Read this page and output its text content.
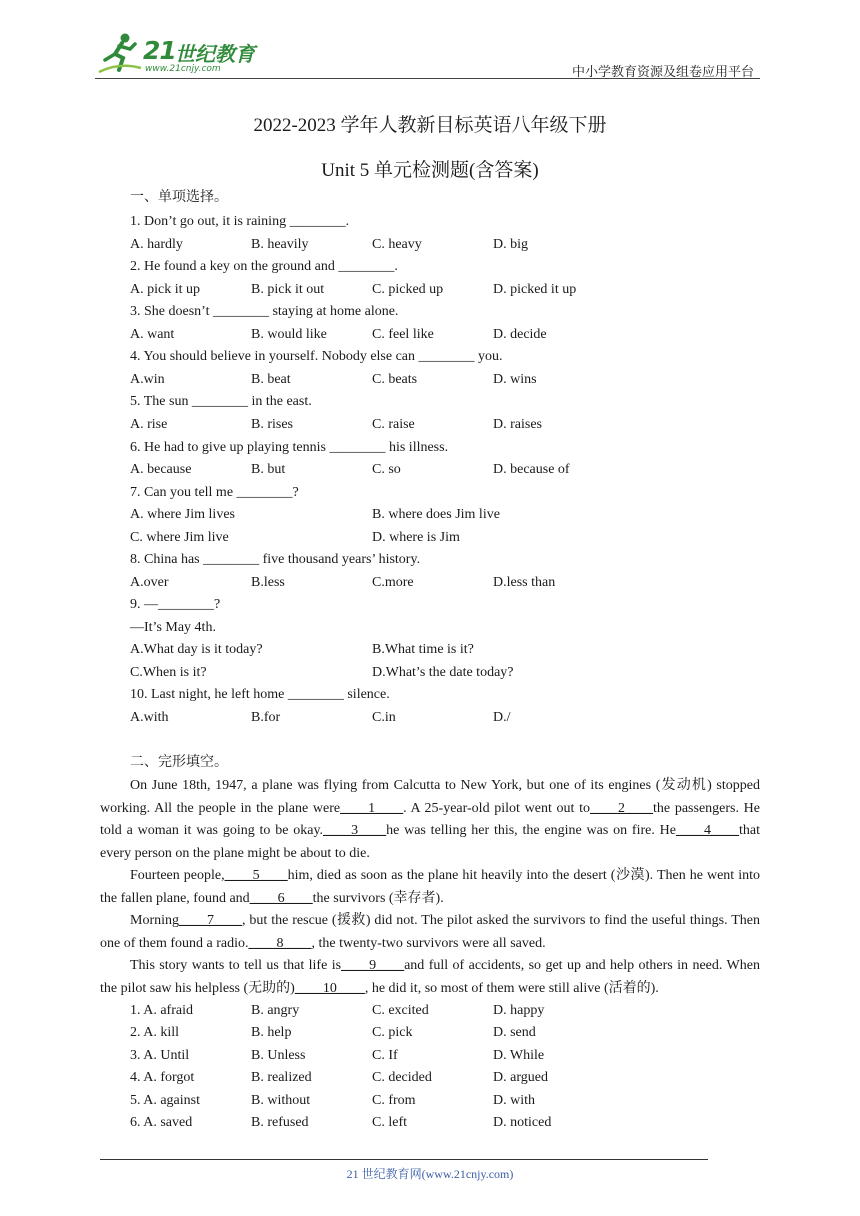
21 世纪教育
www.21cnjy.com	中小学教育资源及组卷应用平台
2022-2023 学年人教新目标英语八年级下册
Unit 5 单元检测题(含答案)
一、单项选择。
1. Don’t go out, it is raining ________.
A. hardly	B. heavily	C. heavy	D. big
2. He found a key on the ground and ________.
A. pick it up	B. pick it out	C. picked up	D. picked it up
3. She doesn’t ________ staying at home alone.
A. want	B. would like	C. feel like	D. decide
4. You should believe in yourself. Nobody else can ________ you.
A.win	B. beat	C. beats	D. wins
5. The sun ________ in the east.
A. rise	B. rises	C. raise	D. raises
6. He had to give up playing tennis ________ his illness.
A. because	B. but	C. so	D. because of
7. Can you tell me ________?
A. where Jim lives	B. where does Jim live
C. where Jim live	D. where is Jim
8. China has ________ five thousand years’ history.
A.over	B.less	C.more	D.less than
9. —________?
—It’s May 4th.
A.What day is it today?	B.What time is it?
C.When is it?	D.What’s the date today?
10. Last night, he left home ________ silence.
A.with	B.for	C.in	D./
二、完形填空。
On June 18th, 1947, a plane was flying from Calcutta to New York, but one of its engines (发动机) stopped working. All the people in the plane were____1____. A 25-year-old pilot went out to____2____the passengers. He told a woman it was going to be okay.____3____he was telling her this, the engine was on fire. He____4____that every person on the plane might be about to die.
Fourteen people,____5____him, died as soon as the plane hit heavily into the desert (沙漠). Then he went into the fallen plane, found and____6____the survivors (幸存者).
Morning____7____, but the rescue (援救) did not. The pilot asked the survivors to find the useful things. Then one of them found a radio.____8____, the twenty-two survivors were all saved.
This story wants to tell us that life is____9____and full of accidents, so get up and help others in need. When the pilot saw his helpless (无助的)____10____, he did it, so most of them were still alive (活着的).
1. A. afraid	B. angry	C. excited	D. happy
2. A. kill	B. help	C. pick	D. send
3. A. Until	B. Unless	C. If	D. While
4. A. forgot	B. realized	C. decided	D. argued
5. A. against	B. without	C. from	D. with
6. A. saved	B. refused	C. left	D. noticed
21 世纪教育网(www.21cnjy.com)
